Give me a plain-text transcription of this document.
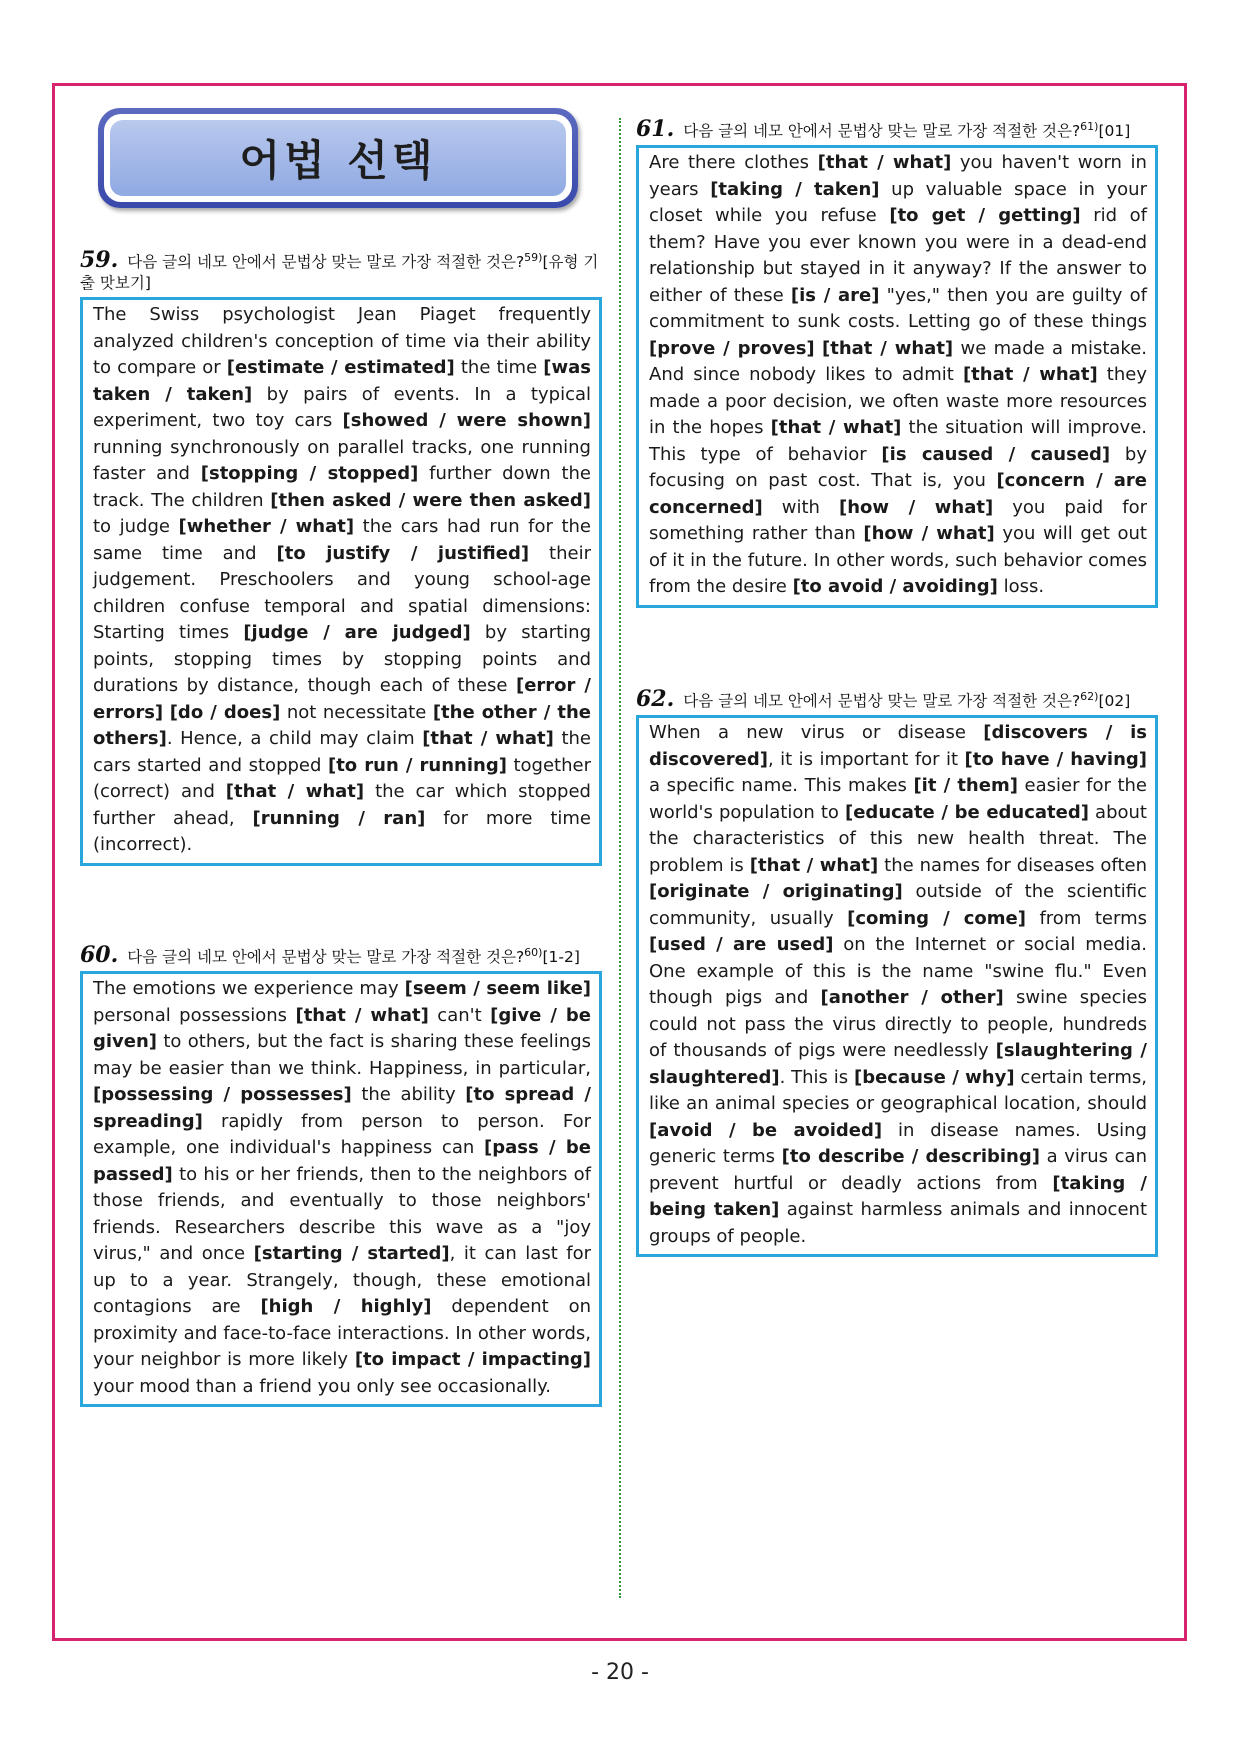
어법 선택
59. 다음 글의 네모 안에서 문법상 맞는 말로 가장 적절한 것은?$^{59)}$[유형 기출 맛보기]
The Swiss psychologist Jean Piaget frequently analyzed children's conception of time via their ability to compare or [estimate / estimated] the time [was taken / taken] by pairs of events. In a typical experiment, two toy cars [showed / were shown] running synchronously on parallel tracks, one running faster and [stopping / stopped] further down the track. The children [then asked / were then asked] to judge [whether / what] the cars had run for the same time and [to justify / justified] their judgement. Preschoolers and young school-age children confuse temporal and spatial dimensions: Starting times [judge / are judged] by starting points, stopping times by stopping points and durations by distance, though each of these [error / errors] [do / does] not necessitate [the other / the others]. Hence, a child may claim [that / what] the cars started and stopped [to run / running] together (correct) and [that / what] the car which stopped further ahead, [running / ran] for more time (incorrect).
60. 다음 글의 네모 안에서 문법상 맞는 말로 가장 적절한 것은?$^{60)}$[1-2]
The emotions we experience may [seem / seem like] personal possessions [that / what] can't [give / be given] to others, but the fact is sharing these feelings may be easier than we think. Happiness, in particular, [possessing / possesses] the ability [to spread / spreading] rapidly from person to person. For example, one individual's happiness can [pass / be passed] to his or her friends, then to the neighbors of those friends, and eventually to those neighbors' friends. Researchers describe this wave as a "joy virus," and once [starting / started], it can last for up to a year. Strangely, though, these emotional contagions are [high / highly] dependent on proximity and face-to-face interactions. In other words, your neighbor is more likely [to impact / impacting] your mood than a friend you only see occasionally.
61. 다음 글의 네모 안에서 문법상 맞는 말로 가장 적절한 것은?$^{61)}$[01]
Are there clothes [that / what] you haven't worn in years [taking / taken] up valuable space in your closet while you refuse [to get / getting] rid of them? Have you ever known you were in a dead-end relationship but stayed in it anyway? If the answer to either of these [is / are] "yes," then you are guilty of commitment to sunk costs. Letting go of these things [prove / proves] [that / what] we made a mistake. And since nobody likes to admit [that / what] they made a poor decision, we often waste more resources in the hopes [that / what] the situation will improve. This type of behavior [is caused / caused] by focusing on past cost. That is, you [concern / are concerned] with [how / what] you paid for something rather than [how / what] you will get out of it in the future. In other words, such behavior comes from the desire [to avoid / avoiding] loss.
62. 다음 글의 네모 안에서 문법상 맞는 말로 가장 적절한 것은?$^{62)}$[02]
When a new virus or disease [discovers / is discovered], it is important for it [to have / having] a specific name. This makes [it / them] easier for the world's population to [educate / be educated] about the characteristics of this new health threat. The problem is [that / what] the names for diseases often [originate / originating] outside of the scientific community, usually [coming / come] from terms [used / are used] on the Internet or social media. One example of this is the name "swine flu." Even though pigs and [another / other] swine species could not pass the virus directly to people, hundreds of thousands of pigs were needlessly [slaughtering / slaughtered]. This is [because / why] certain terms, like an animal species or geographical location, should [avoid / be avoided] in disease names. Using generic terms [to describe / describing] a virus can prevent hurtful or deadly actions from [taking / being taken] against harmless animals and innocent groups of people.
- 20 -
